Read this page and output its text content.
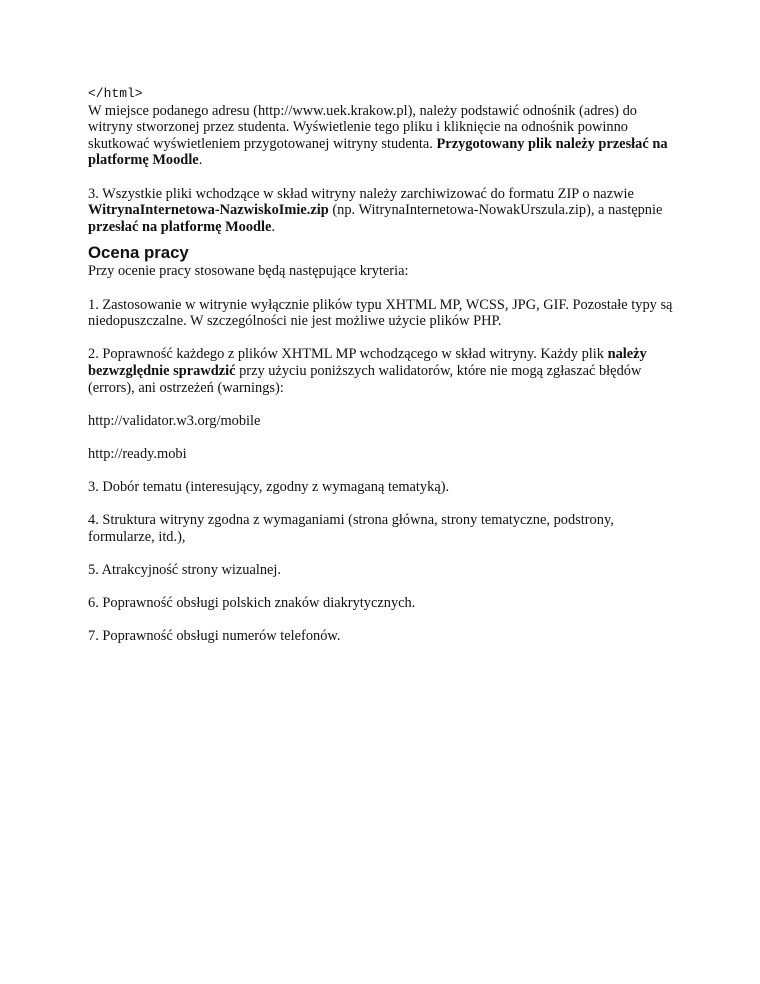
</html>

W miejsce podanego adresu (http://www.uek.krakow.pl), należy podstawić odnośnik (adres) do witryny stworzonej przez studenta. Wyświetlenie tego pliku i kliknięcie na odnośnik powinno skutkować wyświetleniem przygotowanej witryny studenta. Przygotowany plik należy przesłać na platformę Moodle.

3. Wszystkie pliki wchodzące w skład witryny należy zarchiwizować do formatu ZIP o nazwie WitrynaInternetowa-NazwiskoImie.zip (np. WitrynaInternetowa-NowakUrszula.zip), a następnie przesłać na platformę Moodle.

Ocena pracy

Przy ocenie pracy stosowane będą następujące kryteria:

1. Zastosowanie w witrynie wyłącznie plików typu XHTML MP, WCSS, JPG, GIF. Pozostałe typy są niedopuszczalne. W szczególności nie jest możliwe użycie plików PHP.

2. Poprawność każdego z plików XHTML MP wchodzącego w skład witryny. Każdy plik należy bezwzględnie sprawdzić przy użyciu poniższych walidatorów, które nie mogą zgłaszać błędów (errors), ani ostrzeżeń (warnings):

http://validator.w3.org/mobile

http://ready.mobi

3. Dobór tematu (interesujący, zgodny z wymaganą tematyką).

4. Struktura witryny zgodna z wymaganiami (strona główna, strony tematyczne, podstrony, formularze, itd.),

5. Atrakcyjność strony wizualnej.

6. Poprawność obsługi polskich znaków diakrytycznych.

7. Poprawność obsługi numerów telefonów.
